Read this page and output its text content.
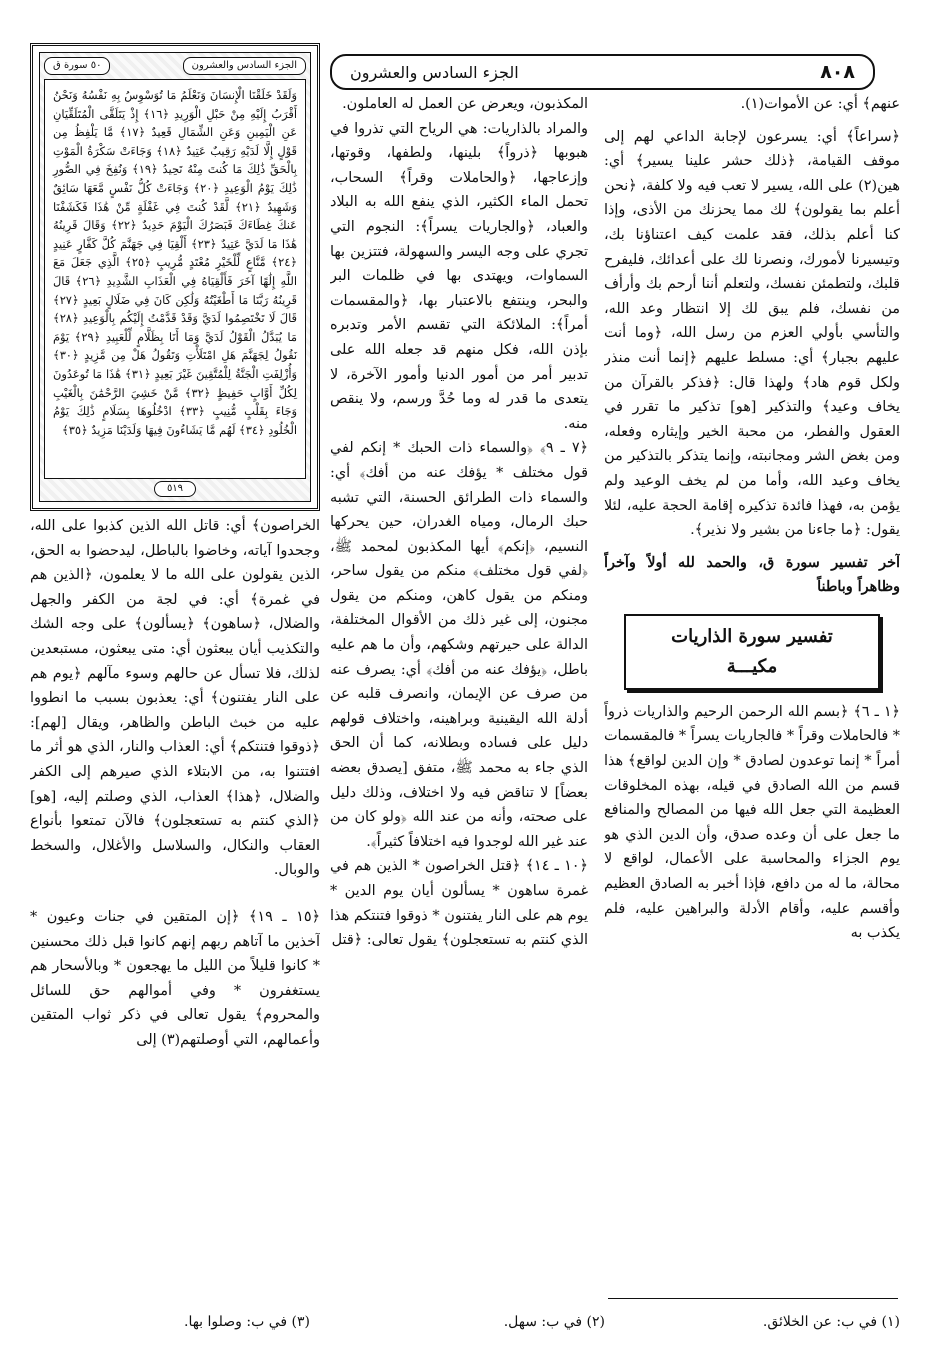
٨٠٨
الجزء السادس والعشرون
الجزء السادس والعشرون
٥٠ سورة ق
وَلَقَدْ خَلَقْنَا الْإِنسَانَ وَنَعْلَمُ مَا تُوَسْوِسُ بِهِ نَفْسُهُ وَنَحْنُ أَقْرَبُ إِلَيْهِ مِنْ حَبْلِ الْوَرِيدِ ﴿١٦﴾ إِذْ يَتَلَقَّى الْمُتَلَقِّيَانِ عَنِ الْيَمِينِ وَعَنِ الشِّمَالِ قَعِيدٌ ﴿١٧﴾ مَّا يَلْفِظُ مِن قَوْلٍ إِلَّا لَدَيْهِ رَقِيبٌ عَتِيدٌ ﴿١٨﴾ وَجَاءَتْ سَكْرَةُ الْمَوْتِ بِالْحَقِّ ذَٰلِكَ مَا كُنتَ مِنْهُ تَحِيدُ ﴿١٩﴾ وَنُفِخَ فِي الصُّورِ ذَٰلِكَ يَوْمُ الْوَعِيدِ ﴿٢٠﴾ وَجَاءَتْ كُلُّ نَفْسٍ مَّعَهَا سَائِقٌ وَشَهِيدٌ ﴿٢١﴾ لَّقَدْ كُنتَ فِي غَفْلَةٍ مِّنْ هَٰذَا فَكَشَفْنَا عَنكَ غِطَاءَكَ فَبَصَرُكَ الْيَوْمَ حَدِيدٌ ﴿٢٢﴾ وَقَالَ قَرِينُهُ هَٰذَا مَا لَدَيَّ عَتِيدٌ ﴿٢٣﴾ أَلْقِيَا فِي جَهَنَّمَ كُلَّ كَفَّارٍ عَنِيدٍ ﴿٢٤﴾ مَّنَّاعٍ لِّلْخَيْرِ مُعْتَدٍ مُّرِيبٍ ﴿٢٥﴾ الَّذِي جَعَلَ مَعَ اللَّهِ إِلَٰهًا آخَرَ فَأَلْقِيَاهُ فِي الْعَذَابِ الشَّدِيدِ ﴿٢٦﴾ قَالَ قَرِينُهُ رَبَّنَا مَا أَطْغَيْتُهُ وَلَٰكِن كَانَ فِي ضَلَالٍ بَعِيدٍ ﴿٢٧﴾ قَالَ لَا تَخْتَصِمُوا لَدَيَّ وَقَدْ قَدَّمْتُ إِلَيْكُم بِالْوَعِيدِ ﴿٢٨﴾ مَا يُبَدَّلُ الْقَوْلُ لَدَيَّ وَمَا أَنَا بِظَلَّامٍ لِّلْعَبِيدِ ﴿٢٩﴾ يَوْمَ نَقُولُ لِجَهَنَّمَ هَلِ امْتَلَأْتِ وَتَقُولُ هَلْ مِن مَّزِيدٍ ﴿٣٠﴾ وَأُزْلِفَتِ الْجَنَّةُ لِلْمُتَّقِينَ غَيْرَ بَعِيدٍ ﴿٣١﴾ هَٰذَا مَا تُوعَدُونَ لِكُلِّ أَوَّابٍ حَفِيظٍ ﴿٣٢﴾ مَّنْ خَشِيَ الرَّحْمَٰنَ بِالْغَيْبِ وَجَاءَ بِقَلْبٍ مُّنِيبٍ ﴿٣٣﴾ ادْخُلُوهَا بِسَلَامٍ ذَٰلِكَ يَوْمُ الْخُلُودِ ﴿٣٤﴾ لَهُم مَّا يَشَاءُونَ فِيهَا وَلَدَيْنَا مَزِيدٌ ﴿٣٥﴾
٥١٩

عنهم﴾ أي: عن الأموات(١).

﴿سراعاً﴾ أي: يسرعون لإجابة الداعي لهم إلى موقف القيامة، ﴿ذلك حشر علينا يسير﴾ أي: هين(٢) على الله، يسير لا تعب فيه ولا كلفة، ﴿نحن أعلم بما يقولون﴾ لك مما يحزنك من الأذى، وإذا كنا أعلم بذلك، فقد علمت كيف اعتناؤنا بك، وتيسيرنا لأمورك، ونصرنا لك على أعدائك، فليفرح قلبك، ولتطمئن نفسك، ولتعلم أننا أرحم بك وأرأف من نفسك، فلم يبق لك إلا انتظار وعد الله، والتأسي بأولي العزم من رسل الله، ﴿وما أنت عليهم بجبار﴾ أي: مسلط عليهم ﴿إنما أنت منذر ولكل قوم هاد﴾ ولهذا قال: ﴿فذكر بالقرآن من يخاف وعيد﴾ والتذكير [هو] تذكير ما تقرر في العقول والفطر، من محبة الخير وإيثاره وفعله، ومن بغض الشر ومجانبته، وإنما يتذكر بالتذكير من يخاف وعيد الله، وأما من لم يخف الوعيد ولم يؤمن به، فهذا فائدة تذكيره إقامة الحجة عليه، لئلا يقول: ﴿ما جاءنا من بشير ولا نذير﴾.

آخر تفسير سورة ق، والحمد لله أولاً وآخراً وظاهراً وباطناً

تفسير سورة الذاريات
مكيـــة

﴿١ ـ ٦﴾ ﴿بسم الله الرحمن الرحيم والذاريات ذرواً * فالحاملات وقراً * فالجاريات يسراً * فالمقسمات أمراً * إنما توعدون لصادق * وإن الدين لواقع﴾ هذا قسم من الله الصادق في قيله، بهذه المخلوقات العظيمة التي جعل الله فيها من المصالح والمنافع ما جعل على أن وعده صدق، وأن الدين الذي هو يوم الجزاء والمحاسبة على الأعمال، لواقع لا محالة، ما له من دافع، فإذا أخبر به الصادق العظيم وأقسم عليه، وأقام الأدلة والبراهين عليه، فلم يكذب به

المكذبون، ويعرض عن العمل له العاملون.

والمراد بالذاريات: هي الرياح التي تذروا في هبوبها ﴿ذرواً﴾ بلينها، ولطفها، وقوتها، وإزعاجها، ﴿والحاملات وقراً﴾ السحاب، تحمل الماء الكثير، الذي ينفع الله به البلاد والعباد، ﴿والجاريات يسراً﴾: النجوم التي تجري على وجه اليسر والسهولة، فتتزين بها السماوات، ويهتدى بها في ظلمات البر والبحر، وينتفع بالاعتبار بها، ﴿والمقسمات أمراً﴾: الملائكة التي تقسم الأمر وتدبره بإذن الله، فكل منهم قد جعله الله على تدبير أمر من أمور الدنيا وأمور الآخرة، لا يتعدى ما قدر له وما حُدَّ ورسم، ولا ينقص منه.

﴿٧ ـ ٩﴾ ﴿والسماء ذات الحبك * إنكم لفي قول مختلف * يؤفك عنه من أفك﴾ أي: والسماء ذات الطرائق الحسنة، التي تشبه حبك الرمال، ومياه الغدران، حين يحركها النسيم، ﴿إنكم﴾ أيها المكذبون لمحمد ﷺ، ﴿لفي قول مختلف﴾ منكم من يقول ساحر، ومنكم من يقول كاهن، ومنكم من يقول مجنون، إلى غير ذلك من الأقوال المختلفة، الدالة على حيرتهم وشكهم، وأن ما هم عليه باطل، ﴿يؤفك عنه من أفك﴾ أي: يصرف عنه من صرف عن الإيمان، وانصرف قلبه عن أدلة الله اليقينية وبراهينه، واختلاف قولهم دليل على فساده وبطلانه، كما أن الحق الذي جاء به محمد ﷺ، متفق [يصدق بعضه بعضاً] لا تناقض فيه ولا اختلاف، وذلك دليل على صحته، وأنه من عند الله ﴿ولو كان من عند غير الله لوجدوا فيه اختلافاً كثيراً﴾.

﴿١٠ ـ ١٤﴾ ﴿قتل الخراصون * الذين هم في غمرة ساهون * يسألون أيان يوم الدين * يوم هم على النار يفتنون * ذوقوا فتنتكم هذا الذي كنتم به تستعجلون﴾ يقول تعالى: ﴿قتل

الخراصون﴾ أي: قاتل الله الذين كذبوا على الله، وجحدوا آياته، وخاضوا بالباطل، ليدحضوا به الحق، الذين يقولون على الله ما لا يعلمون، ﴿الذين هم في غمرة﴾ أي: في لجة من الكفر والجهل والضلال، ﴿ساهون﴾ ﴿يسألون﴾ على وجه الشك والتكذيب أيان يبعثون أي: متى يبعثون، مستبعدين لذلك، فلا تسأل عن حالهم وسوء مآلهم ﴿يوم هم على النار يفتنون﴾ أي: يعذبون بسبب ما انطووا عليه من خبث الباطن والظاهر، ويقال [لهم]: ﴿ذوقوا فتنتكم﴾ أي: العذاب والنار، الذي هو أثر ما افتتنوا به، من الابتلاء الذي صيرهم إلى الكفر والضلال، ﴿هذا﴾ العذاب، الذي وصلتم إليه، [هو] ﴿الذي كنتم به تستعجلون﴾ فالآن تمتعوا بأنواع العقاب والنكال، والسلاسل والأغلال، والسخط والوبال.

﴿١٥ ـ ١٩﴾ ﴿إن المتقين في جنات وعيون * آخذين ما آتاهم ربهم إنهم كانوا قبل ذلك محسنين * كانوا قليلاً من الليل ما يهجعون * وبالأسحار هم يستغفرون * وفي أموالهم حق للسائل والمحروم﴾ يقول تعالى في ذكر ثواب المتقين وأعمالهم، التي أوصلتهم(٣) إلى

(١) في ب: عن الخلائق.
(٢) في ب: سهل.
(٣) في ب: وصلوا بها.
